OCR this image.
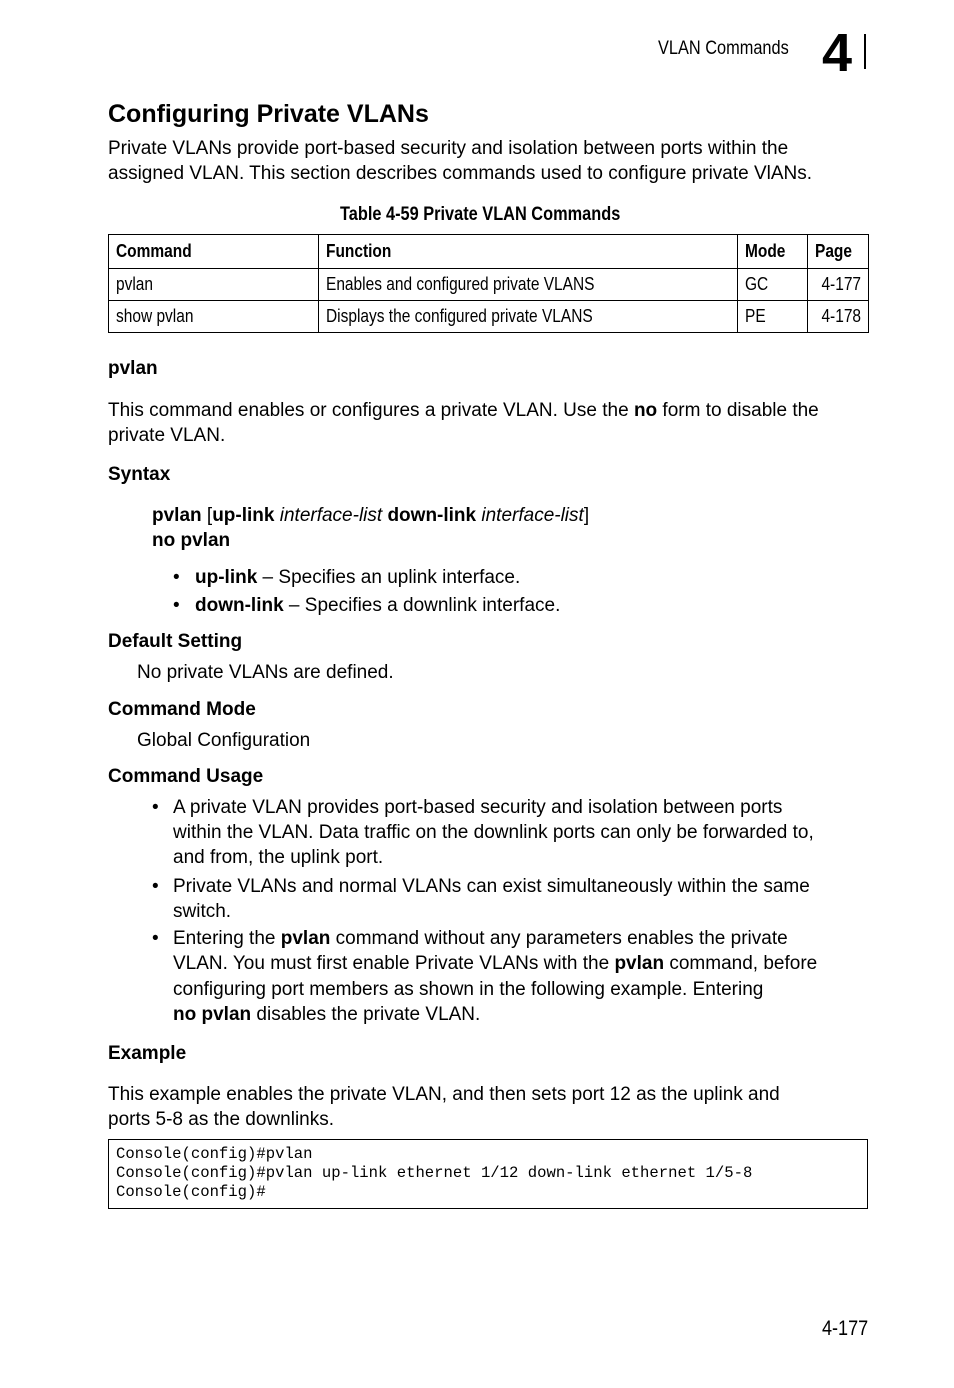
VLAN Commands 4
Configuring Private VLANs
Private VLANs provide port-based security and isolation between ports within the
assigned VLAN. This section describes commands used to configure private VlANs.
Table 4-59 Private VLAN Commands
Command	Function	Mode	Page
pvlan	Enables and configured private VLANS	GC	4-177
show pvlan	Displays the configured private VLANS	PE	4-178
pvlan
This command enables or configures a private VLAN. Use the no form to disable the
private VLAN.
Syntax
pvlan [up-link interface-list down-link interface-list]
no pvlan
• up-link – Specifies an uplink interface.
• down-link – Specifies a downlink interface.
Default Setting
No private VLANs are defined.
Command Mode
Global Configuration
Command Usage
• A private VLAN provides port-based security and isolation between ports
within the VLAN. Data traffic on the downlink ports can only be forwarded to,
and from, the uplink port.
• Private VLANs and normal VLANs can exist simultaneously within the same
switch.
• Entering the pvlan command without any parameters enables the private
VLAN. You must first enable Private VLANs with the pvlan command, before
configuring port members as shown in the following example. Entering
no pvlan disables the private VLAN.
Example
This example enables the private VLAN, and then sets port 12 as the uplink and
ports 5-8 as the downlinks.
Console(config)#pvlan
Console(config)#pvlan up-link ethernet 1/12 down-link ethernet 1/5-8
Console(config)#
4-177
